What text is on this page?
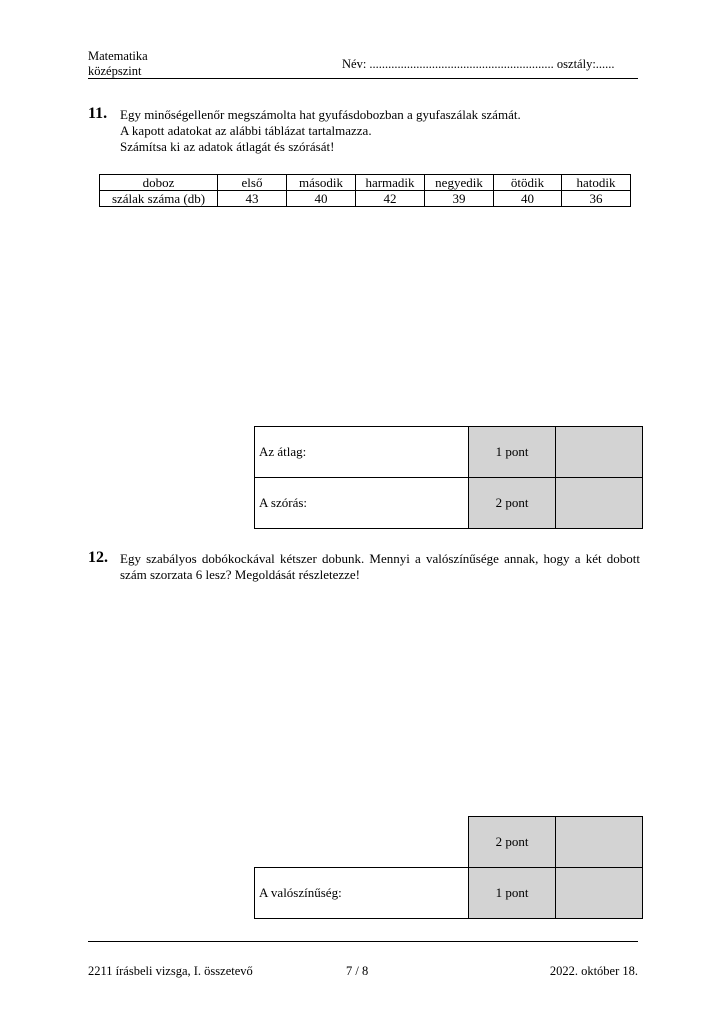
Matematika
középszint	Név: ........................................................... osztály:......
11. Egy minőségellenőr megszámolta hat gyufásdobozban a gyufaszálak számát.
A kapott adatokat az alábbi táblázat tartalmazza.
Számítsa ki az adatok átlagát és szórását!
doboz	első	második	harmadik	negyedik	ötödik	hatodik
szálak száma (db)	43	40	42	39	40	36
Az átlag:	1 pont	
A szórás:	2 pont	
12. Egy szabályos dobókockával kétszer dobunk. Mennyi a valószínűsége annak, hogy a két dobott szám szorzata 6 lesz? Megoldását részletezze!
	2 pont	
A valószínűség:	1 pont	
2211 írásbeli vizsga, I. összetevő	7 / 8	2022. október 18.
